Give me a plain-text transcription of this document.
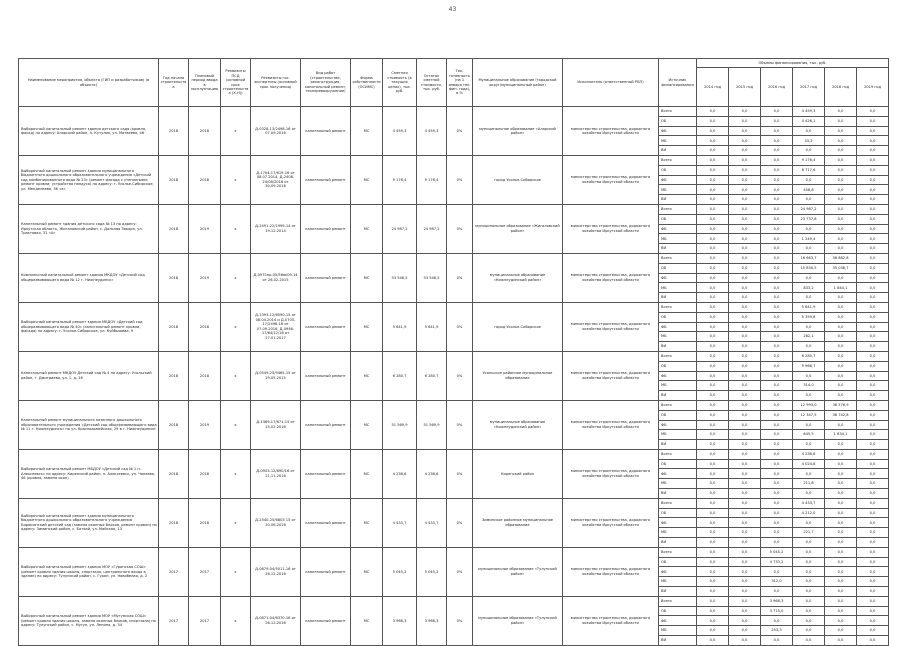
43
Наименование мероприятия, объекта (ГИП и разработчиков) (в объекте)	Год начала строительства	Плановый период ввода в эксплуатацию	Реквизиты ПСД (основной срок строительства (Х-Н))	Реквизиты гос. экспертизы (основной срок получения)	Вид работ (строительство, реконструкция, капитальный ремонт, техперевооружение)	Форма собственности (ОСИМС)	Сметная стоимость (в текущих ценах), тыс. руб.	Остаток сметной стоимости, тыс. руб.	Тех. готовность (на 1 января тек. фин. года), в %	Муниципальное образование (городской округ/муниципальный район)	Исполнитель (ответственный РБП)	Источник финансирования	Объемы финансирования, тыс. руб.					
													2014 год	2015 год	2016 год	2017 год	2018 год	2019 год
Выборочный капитальный ремонт здания детского сада (кровля, фасад) по адресу: Аларский район, п. Кутулик, ул. Матвеева, 46	2018	2018	х	Д-0328-13/2498-16 от 07.09.2016	капитальный ремонт	МС	4 459,3	4 459,3	0%	муниципальное образование «Аларский район»	министерство строительства, дорожного хозяйства Иркутской области	Всего	0,0	0,0	0,0	4 459,3	0,0	0,0
												ОБ	0,0	0,0	0,0	4 426,1	0,0	0,0
												ФБ	0,0	0,0	0,0	0,0	0,0	0,0
												МБ	0,0	0,0	0,0	33,2	0,0	0,0
												ВИ	0,0	0,0	0,0	0,0	0,0	0,0
Выборочный капитальный ремонт здания муниципального бюджетного дошкольного образовательного учреждения «Детский сад комбинированного вида № 23» (ремонт фасада с утеплением; ремонт кровли; устройство пандуса) по адресу: г. Усолье-Сибирское, ул. Менделеева, 36 «а»	2018	2018	х	Д-1704-17/619-16 от 08.07.2014, Д-2408-24/08/2016 от 30.09.2016	капитальный ремонт	МС	9 176,4	9 176,4	0%	город Усолье-Сибирское	министерство строительства, дорожного хозяйства Иркутской области	Всего	0,0	0,0	0,0	9 176,4	0,0	0,0
												ОБ	0,0	0,0	0,0	8 717,6	0,0	0,0
												ФБ	0,0	0,0	0,0	0,0	0,0	0,0
												МБ	0,0	0,0	0,0	458,8	0,0	0,0
												ВИ	0,0	0,0	0,0	0,0	0,0	0,0
Капитальный ремонт здания детского сада № 13 по адресу: Иркутская область, Жигаловский район, с. Дальняя Закора, ул. Трактовая, 31 «А»	2018	2019	х	Д-2491-22/1999-14 от 19.12.2014	капитальный ремонт	МС	24 987,2	24 987,2	0%	муниципальное образование «Жигаловский район»	министерство строительства, дорожного хозяйства Иркутской области	Всего	0,0	0,0	0,0	24 987,2	0,0	0,0
												ОБ	0,0	0,0	0,0	23 737,8	0,0	0,0
												ФБ	0,0	0,0	0,0	0,0	0,0	0,0
												МБ	0,0	0,0	0,0	1 249,4	0,0	0,0
												ВИ	0,0	0,0	0,0	0,0	0,0	0,0
Комплексный капитальный ремонт здания МКДОУ «Детский сад общеразвивающего вида № 12 г. Нижнеудинск»	2018	2019	х	Д-0975пр-05/56ю/09.14 от 26.02.2015	капитальный ремонт	МС	53 546,5	53 546,5	0%	муниципальное образование «Нижнеудинский район»	министерство строительства, дорожного хозяйства Иркутской области	Всего	0,0	0,0	0,0	16 663,7	36 882,8	0,0
												ОБ	0,0	0,0	0,0	15 830,5	35 038,7	0,0
												ФБ	0,0	0,0	0,0	0,0	0,0	0,0
												МБ	0,0	0,0	0,0	833,2	1 844,1	0,0
												ВИ	0,0	0,0	0,0	0,0	0,0	0,0
Выборочный капитальный ремонт здания МБДОУ «Детский сад общеразвивающего вида № 40» (капитальный ремонт кровли, фасада) по адресу: г. Усолье-Сибирское, ул. Куйбышева, 9	2018	2018	х	Д-1393-12/6590-15 от 08.04.2014 и Д-0705-17/2498-16 от 07.09.2016, Д-0946-17/64/12/16 от 27.01.2017	капитальный ремонт	МС	5 641,9	5 641,9	0%	город Усолье-Сибирское	министерство строительства, дорожного хозяйства Иркутской области	Всего	0,0	0,0	0,0	5 641,9	0,0	0,0
												ОБ	0,0	0,0	0,0	5 359,8	0,0	0,0
												ФБ	0,0	0,0	0,0	0,0	0,0	0,0
												МБ	0,0	0,0	0,0	282,1	0,0	0,0
												ВИ	0,0	0,0	0,0	0,0	0,0	0,0
Капитальный ремонт МКДОУ Детский сад № 4 по адресу: Усольский район, г. Дмитриево, ул. 1, д. 16	2018	2018	х	Д-0549-25/9465-15 от 29.05.2015	капитальный ремонт	МС	6 280,7	6 280,7	0%	Усольское районное муниципальное образование	министерство строительства, дорожного хозяйства Иркутской области	Всего	0,0	0,0	0,0	6 280,7	0,0	0,0
												ОБ	0,0	0,0	0,0	5 966,7	0,0	0,0
												ФБ	0,0	0,0	0,0	0,0	0,0	0,0
												МБ	0,0	0,0	0,0	314,0	0,0	0,0
												ВИ	0,0	0,0	0,0	0,0	0,0	0,0
Капитальный ремонт муниципального казенного дошкольного образовательного учреждения «Детский сад общеразвивающего вида № 11 г. Нижнеудинск» по ул. Красноармейская, 29 в г. Нижнеудинске	2018	2019	х	Д-1369-17/871-15 от 15.02.2016	капитальный ремонт	МС	51 569,9	51 569,9	0%	муниципальное образование «Нижнеудинский район»	министерство строительства, дорожного хозяйства Иркутской области	Всего	0,0	0,0	0,0	12 993,0	38 576,9	0,0
												ОБ	0,0	0,0	0,0	12 347,5	36 742,8	0,0
												ФБ	0,0	0,0	0,0	0,0	0,0	0,0
												МБ	0,0	0,0	0,0	645,5	1 834,1	0,0
												ВИ	0,0	0,0	0,0	0,0	0,0	0,0
Выборочный капитальный ремонт МБДОУ «Детский сад № 1 п. Алексеевск» по адресу: Киренский район, п. Алексеевск, ул. Чапаева, 46 (кровля, замена окон)	2018	2018	х	Д-0903-12/690/16 от 21.11.2016	капитальный ремонт	МС	4 236,6	4 236,6	0%	Киренский район	министерство строительства, дорожного хозяйства Иркутской области	Всего	0,0	0,0	0,0	4 236,6	0,0	0,0
												ОБ	0,0	0,0	0,0	4 024,8	0,0	0,0
												ФБ	0,0	0,0	0,0	0,0	0,0	0,0
												МБ	0,0	0,0	0,0	211,8	0,0	0,0
												ВИ	0,0	0,0	0,0	0,0	0,0	0,0
Выборочный капитальный ремонт здания муниципального бюджетного дошкольного образовательного учреждения Бирюсинский детский сад (замена оконных блоков, ремонт кровли) по адресу: Зиминский район, с. Батхай, ул. Майская, 13	2018	2018	х	Д-2540-25/6803 15 от 20.06.2016	капитальный ремонт	МС	4 433,7	4 433,7	0%	Зиминское районное муниципальное образование	министерство строительства, дорожного хозяйства Иркутской области	Всего	0,0	0,0	0,0	4 433,7	0,0	0,0
												ОБ	0,0	0,0	0,0	4 212,0	0,0	0,0
												ФБ	0,0	0,0	0,0	0,0	0,0	0,0
												МБ	0,0	0,0	0,0	221,7	0,0	0,0
												ВИ	0,0	0,0	0,0	0,0	0,0	0,0
Выборочный капитальный ремонт здания МОУ «Гуранская СОШ» (ремонт кровли здания школы, спортзала, центрального входа в здание) по адресу: Тулунский район, с. Гуран, ул. Новобелая, д. 2	2017	2017	х	Д-0879-04/5011-16 от 26.12.2016	капитальный ремонт	МС	5 045,2	5 045,2	0%	муниципальное образование «Тулунский район»	министерство строительства, дорожного хозяйства Иркутской области	Всего	0,0	0,0	5 045,2	0,0	0,0	0,0
												ОБ	0,0	0,0	4 733,2	0,0	0,0	0,0
												ФБ	0,0	0,0	0,0	0,0	0,0	0,0
												МБ	0,0	0,0	312,0	0,0	0,0	0,0
												ВИ	0,0	0,0	0,0	0,0	0,0	0,0
Выборочный капитальный ремонт здания МОУ «Мугунская СОШ» (ремонт кровли здания школы, замена оконных блоков, спортзала) по адресу: Тулунский район, с. Мугун, ул. Ленина, д. 34	2017	2017	х	Д-0871-04/6370-16 от 26.12.2016	капитальный ремонт	МС	3 968,3	3 968,3	0%	муниципальное образование «Тулунский район»	министерство строительства, дорожного хозяйства Иркутской области	Всего	0,0	0,0	3 968,3	0,0	0,0	0,0
												ОБ	0,0	0,0	3 715,0	0,0	0,0	0,0
												ФБ	0,0	0,0	0,0	0,0	0,0	0,0
												МБ	0,0	0,0	253,3	0,0	0,0	0,0
												ВИ	0,0	0,0	0,0	0,0	0,0	0,0
